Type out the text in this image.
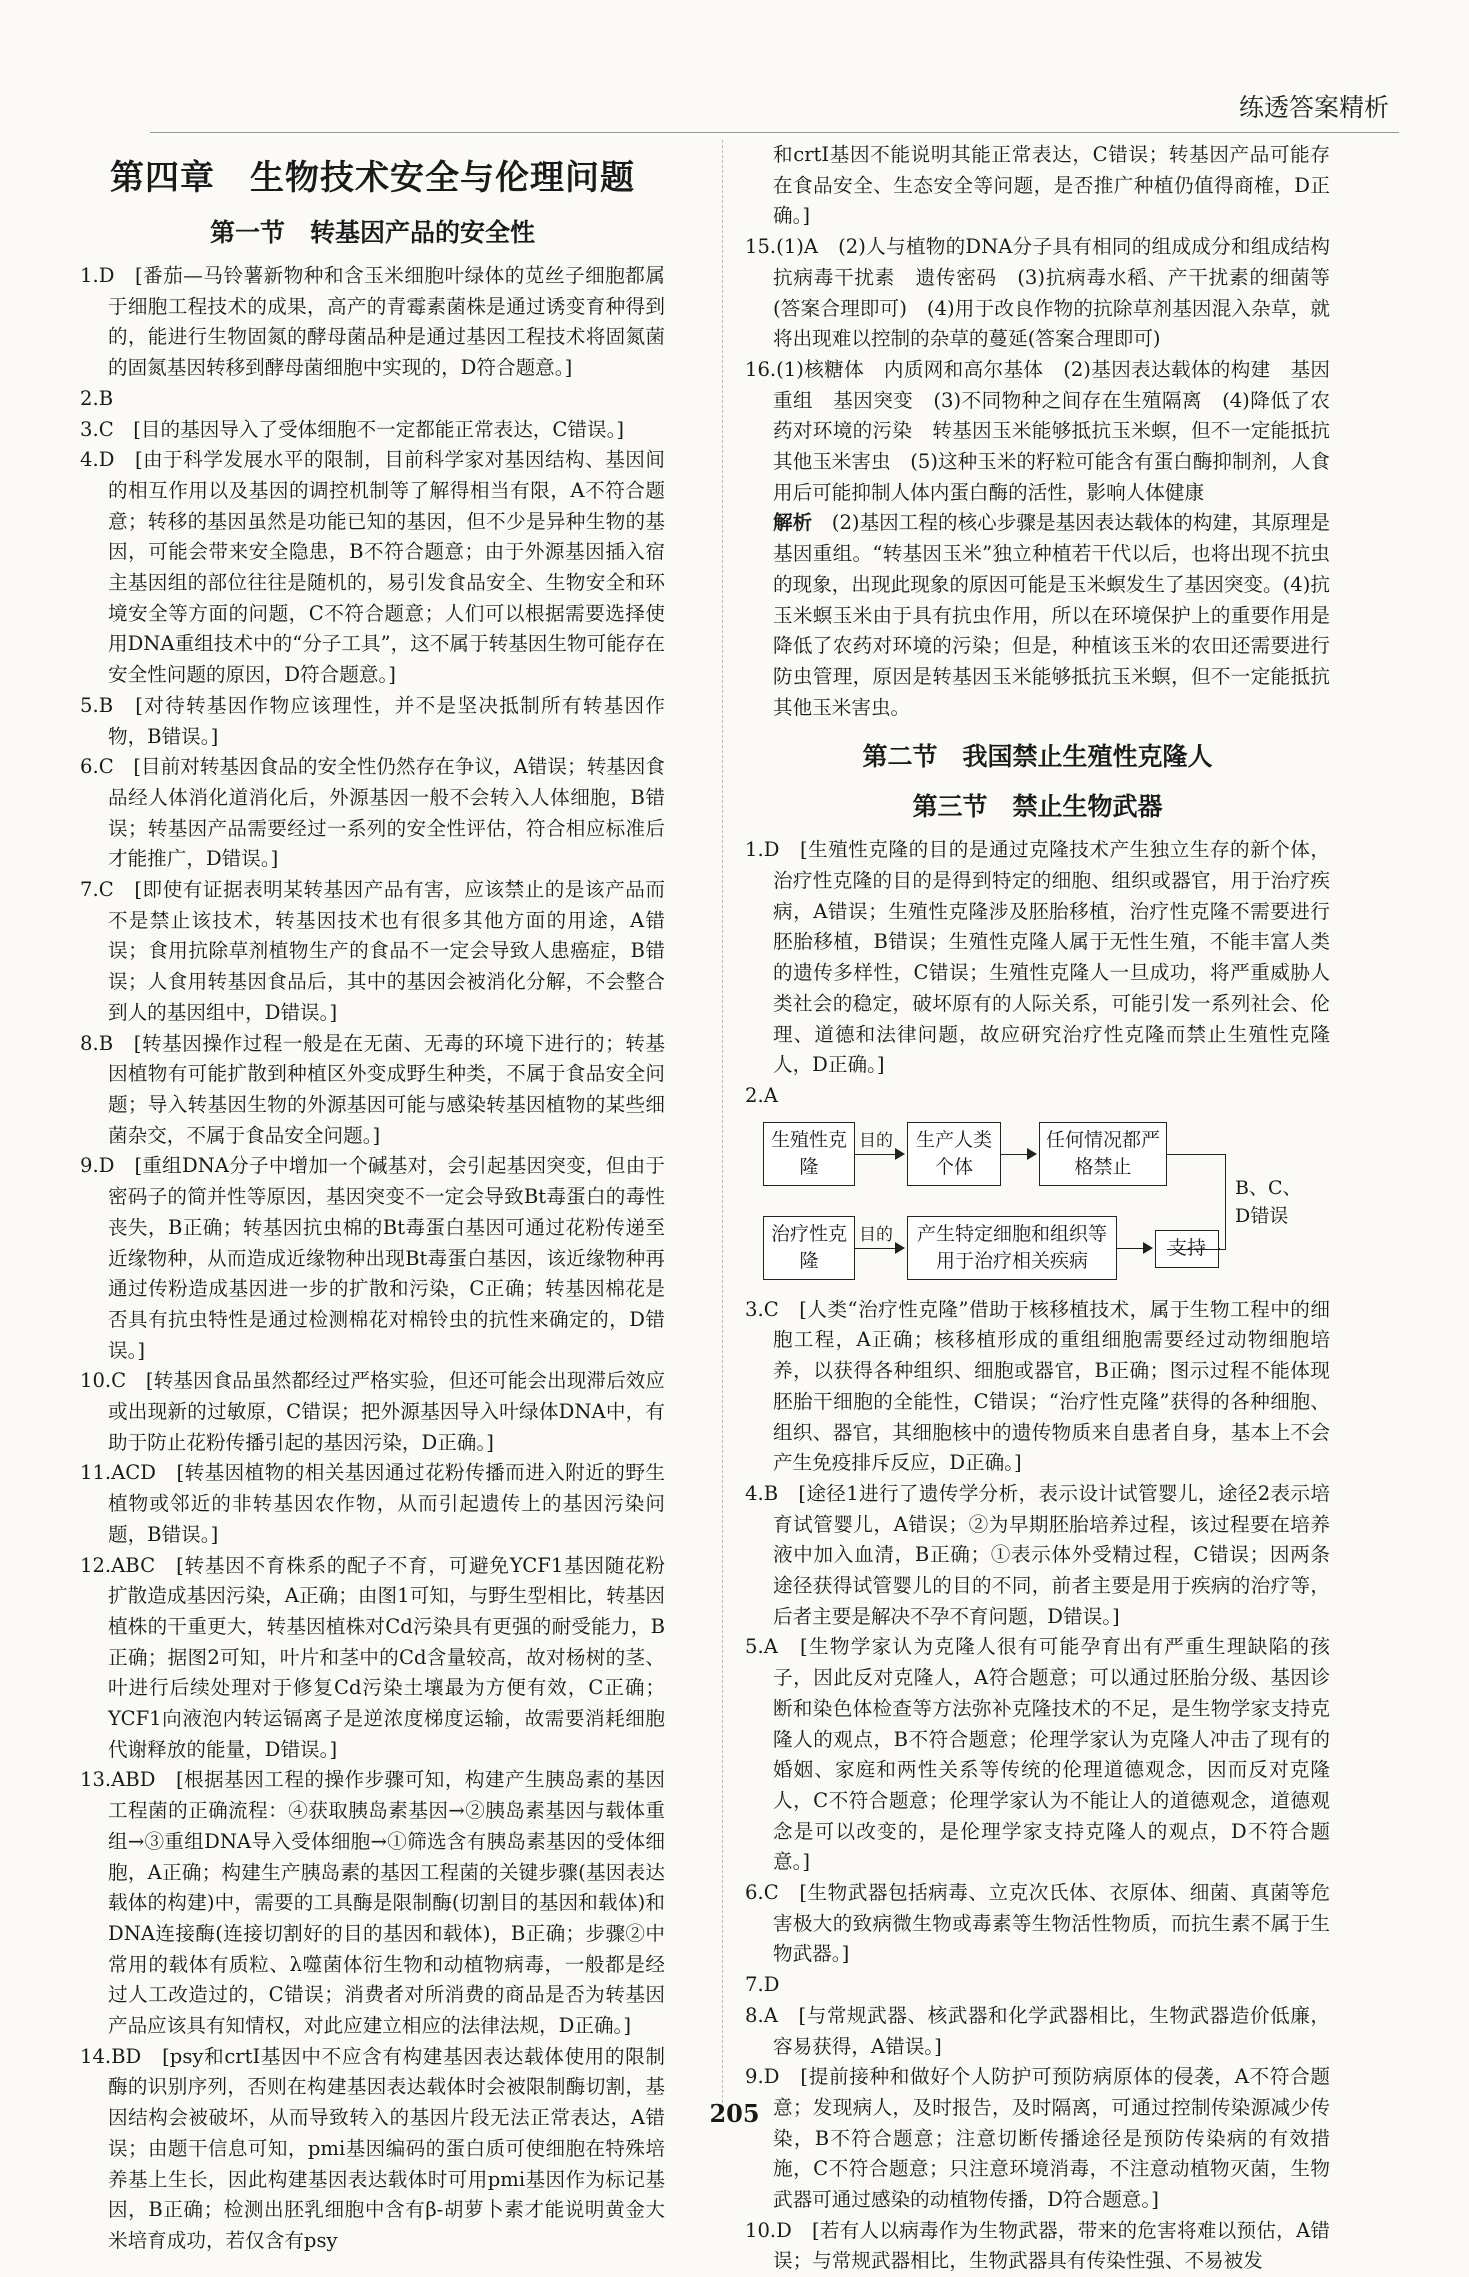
练透答案精析
第四章　生物技术安全与伦理问题
第一节　转基因产品的安全性

1.D　[番茄—马铃薯新物种和含玉米细胞叶绿体的苋丝子细胞都属于细胞工程技术的成果，高产的青霉素菌株是通过诱变育种得到的，能进行生物固氮的酵母菌品种是通过基因工程技术将固氮菌的固氮基因转移到酵母菌细胞中实现的，D符合题意。]

2.B

3.C　[目的基因导入了受体细胞不一定都能正常表达，C错误。]

4.D　[由于科学发展水平的限制，目前科学家对基因结构、基因间的相互作用以及基因的调控机制等了解得相当有限，A不符合题意；转移的基因虽然是功能已知的基因，但不少是异种生物的基因，可能会带来安全隐患，B不符合题意；由于外源基因插入宿主基因组的部位往往是随机的，易引发食品安全、生物安全和环境安全等方面的问题，C不符合题意；人们可以根据需要选择使用DNA重组技术中的“分子工具”，这不属于转基因生物可能存在安全性问题的原因，D符合题意。]

5.B　[对待转基因作物应该理性，并不是坚决抵制所有转基因作物，B错误。]

6.C　[目前对转基因食品的安全性仍然存在争议，A错误；转基因食品经人体消化道消化后，外源基因一般不会转入人体细胞，B错误；转基因产品需要经过一系列的安全性评估，符合相应标准后才能推广，D错误。]

7.C　[即使有证据表明某转基因产品有害，应该禁止的是该产品而不是禁止该技术，转基因技术也有很多其他方面的用途，A错误；食用抗除草剂植物生产的食品不一定会导致人患癌症，B错误；人食用转基因食品后，其中的基因会被消化分解，不会整合到人的基因组中，D错误。]

8.B　[转基因操作过程一般是在无菌、无毒的环境下进行的；转基因植物有可能扩散到种植区外变成野生种类，不属于食品安全问题；导入转基因生物的外源基因可能与感染转基因植物的某些细菌杂交，不属于食品安全问题。]

9.D　[重组DNA分子中增加一个碱基对，会引起基因突变，但由于密码子的简并性等原因，基因突变不一定会导致Bt毒蛋白的毒性丧失，B正确；转基因抗虫棉的Bt毒蛋白基因可通过花粉传递至近缘物种，从而造成近缘物种出现Bt毒蛋白基因，该近缘物种再通过传粉造成基因进一步的扩散和污染，C正确；转基因棉花是否具有抗虫特性是通过检测棉花对棉铃虫的抗性来确定的，D错误。]

10.C　[转基因食品虽然都经过严格实验，但还可能会出现滞后效应或出现新的过敏原，C错误；把外源基因导入叶绿体DNA中，有助于防止花粉传播引起的基因污染，D正确。]

11.ACD　[转基因植物的相关基因通过花粉传播而进入附近的野生植物或邻近的非转基因农作物，从而引起遗传上的基因污染问题，B错误。]

12.ABC　[转基因不育株系的配子不育，可避免YCF1基因随花粉扩散造成基因污染，A正确；由图1可知，与野生型相比，转基因植株的干重更大，转基因植株对Cd污染具有更强的耐受能力，B正确；据图2可知，叶片和茎中的Cd含量较高，故对杨树的茎、叶进行后续处理对于修复Cd污染土壤最为方便有效，C正确；YCF1向液泡内转运镉离子是逆浓度梯度运输，故需要消耗细胞代谢释放的能量，D错误。]

13.ABD　[根据基因工程的操作步骤可知，构建产生胰岛素的基因工程菌的正确流程：④获取胰岛素基因→②胰岛素基因与载体重组→③重组DNA导入受体细胞→①筛选含有胰岛素基因的受体细胞，A正确；构建生产胰岛素的基因工程菌的关键步骤(基因表达载体的构建)中，需要的工具酶是限制酶(切割目的基因和载体)和DNA连接酶(连接切割好的目的基因和载体)，B正确；步骤②中常用的载体有质粒、λ噬菌体衍生物和动植物病毒，一般都是经过人工改造过的，C错误；消费者对所消费的商品是否为转基因产品应该具有知情权，对此应建立相应的法律法规，D正确。]

14.BD　[psy和crtI基因中不应含有构建基因表达载体使用的限制酶的识别序列，否则在构建基因表达载体时会被限制酶切割，基因结构会被破坏，从而导致转入的基因片段无法正常表达，A错误；由题干信息可知，pmi基因编码的蛋白质可使细胞在特殊培养基上生长，因此构建基因表达载体时可用pmi基因作为标记基因，B正确；检测出胚乳细胞中含有β-胡萝卜素才能说明黄金大米培育成功，若仅含有psy

和crtI基因不能说明其能正常表达，C错误；转基因产品可能存在食品安全、生态安全等问题，是否推广种植仍值得商榷，D正确。]

15.(1)A　(2)人与植物的DNA分子具有相同的组成成分和组成结构　抗病毒干扰素　遗传密码　(3)抗病毒水稻、产干扰素的细菌等(答案合理即可)　(4)用于改良作物的抗除草剂基因混入杂草，就将出现难以控制的杂草的蔓延(答案合理即可)

16.(1)核糖体　内质网和高尔基体　(2)基因表达载体的构建　基因重组　基因突变　(3)不同物种之间存在生殖隔离　(4)降低了农药对环境的污染　转基因玉米能够抵抗玉米螟，但不一定能抵抗其他玉米害虫　(5)这种玉米的籽粒可能含有蛋白酶抑制剂，人食用后可能抑制人体内蛋白酶的活性，影响人体健康

解析　(2)基因工程的核心步骤是基因表达载体的构建，其原理是基因重组。“转基因玉米”独立种植若干代以后，也将出现不抗虫的现象，出现此现象的原因可能是玉米螟发生了基因突变。(4)抗玉米螟玉米由于具有抗虫作用，所以在环境保护上的重要作用是降低了农药对环境的污染；但是，种植该玉米的农田还需要进行防虫管理，原因是转基因玉米能够抵抗玉米螟，但不一定能抵抗其他玉米害虫。

第二节　我国禁止生殖性克隆人
第三节　禁止生物武器

1.D　[生殖性克隆的目的是通过克隆技术产生独立生存的新个体，治疗性克隆的目的是得到特定的细胞、组织或器官，用于治疗疾病，A错误；生殖性克隆涉及胚胎移植，治疗性克隆不需要进行胚胎移植，B错误；生殖性克隆人属于无性生殖，不能丰富人类的遗传多样性，C错误；生殖性克隆人一旦成功，将严重威胁人类社会的稳定，破坏原有的人际关系，可能引发一系列社会、伦理、道德和法律问题，故应研究治疗性克隆而禁止生殖性克隆人，D正确。]

2.A

生殖性克隆
目的	生产人类个体
任何情况都严格禁止
治疗性克隆
目的	产生特定细胞和组织等用于治疗相关疾病
支持
B、C、D错误

3.C　[人类“治疗性克隆”借助于核移植技术，属于生物工程中的细胞工程，A正确；核移植形成的重组细胞需要经过动物细胞培养，以获得各种组织、细胞或器官，B正确；图示过程不能体现胚胎干细胞的全能性，C错误；“治疗性克隆”获得的各种细胞、组织、器官，其细胞核中的遗传物质来自患者自身，基本上不会产生免疫排斥反应，D正确。]

4.B　[途径1进行了遗传学分析，表示设计试管婴儿，途径2表示培育试管婴儿，A错误；②为早期胚胎培养过程，该过程要在培养液中加入血清，B正确；①表示体外受精过程，C错误；因两条途径获得试管婴儿的目的不同，前者主要是用于疾病的治疗等，后者主要是解决不孕不育问题，D错误。]

5.A　[生物学家认为克隆人很有可能孕育出有严重生理缺陷的孩子，因此反对克隆人，A符合题意；可以通过胚胎分级、基因诊断和染色体检查等方法弥补克隆技术的不足，是生物学家支持克隆人的观点，B不符合题意；伦理学家认为克隆人冲击了现有的婚姻、家庭和两性关系等传统的伦理道德观念，因而反对克隆人，C不符合题意；伦理学家认为不能让人的道德观念，道德观念是可以改变的，是伦理学家支持克隆人的观点，D不符合题意。]

6.C　[生物武器包括病毒、立克次氏体、衣原体、细菌、真菌等危害极大的致病微生物或毒素等生物活性物质，而抗生素不属于生物武器。]

7.D

8.A　[与常规武器、核武器和化学武器相比，生物武器造价低廉，容易获得，A错误。]

9.D　[提前接种和做好个人防护可预防病原体的侵袭，A不符合题意；发现病人，及时报告，及时隔离，可通过控制传染源减少传染，B不符合题意；注意切断传播途径是预防传染病的有效措施，C不符合题意；只注意环境消毒，不注意动植物灭菌，生物武器可通过感染的动植物传播，D符合题意。]

10.D　[若有人以病毒作为生物武器，带来的危害将难以预估，A错误；与常规武器相比，生物武器具有传染性强、不易被发

205
